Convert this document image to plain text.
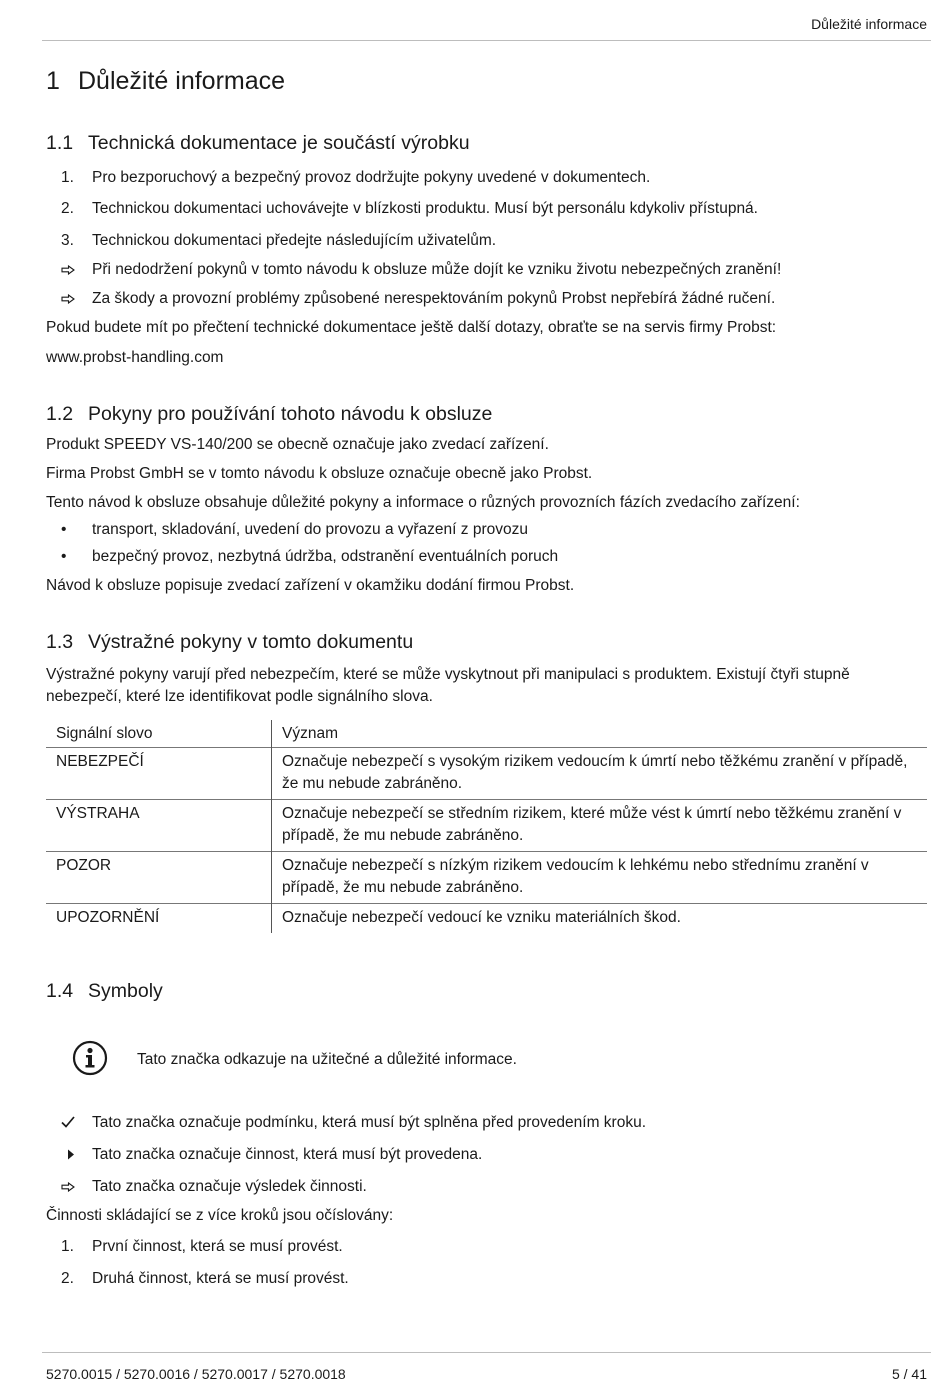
Důležité informace
1 Důležité informace
1.1 Technická dokumentace je součástí výrobku
1. Pro bezporuchový a bezpečný provoz dodržujte pokyny uvedené v dokumentech.
2. Technickou dokumentaci uchovávejte v blízkosti produktu. Musí být personálu kdykoliv přístupná.
3. Technickou dokumentaci předejte následujícím uživatelům.
Při nedodržení pokynů v tomto návodu k obsluze může dojít ke vzniku životu nebezpečných zranění!
Za škody a provozní problémy způsobené nerespektováním pokynů Probst nepřebírá žádné ručení.
Pokud budete mít po přečtení technické dokumentace ještě další dotazy, obraťte se na servis firmy Probst:
www.probst-handling.com
1.2 Pokyny pro používání tohoto návodu k obsluze
Produkt SPEEDY VS-140/200 se obecně označuje jako zvedací zařízení.
Firma Probst GmbH se v tomto návodu k obsluze označuje obecně jako Probst.
Tento návod k obsluze obsahuje důležité pokyny a informace o různých provozních fázích zvedacího zařízení:
• transport, skladování, uvedení do provozu a vyřazení z provozu
• bezpečný provoz, nezbytná údržba, odstranění eventuálních poruch
Návod k obsluze popisuje zvedací zařízení v okamžiku dodání firmou Probst.
1.3 Výstražné pokyny v tomto dokumentu
Výstražné pokyny varují před nebezpečím, které se může vyskytnout při manipulaci s produktem. Existují čtyři stupně nebezpečí, které lze identifikovat podle signálního slova.
Signální slovo	Význam
NEBEZPEČÍ	Označuje nebezpečí s vysokým rizikem vedoucím k úmrtí nebo těžkému zranění v případě, že mu nebude zabráněno.
VÝSTRAHA	Označuje nebezpečí se středním rizikem, které může vést k úmrtí nebo těžkému zranění v případě, že mu nebude zabráněno.
POZOR	Označuje nebezpečí s nízkým rizikem vedoucím k lehkému nebo střednímu zranění v případě, že mu nebude zabráněno.
UPOZORNĚNÍ	Označuje nebezpečí vedoucí ke vzniku materiálních škod.
1.4 Symboly
Tato značka odkazuje na užitečné a důležité informace.
Tato značka označuje podmínku, která musí být splněna před provedením kroku.
Tato značka označuje činnost, která musí být provedena.
Tato značka označuje výsledek činnosti.
Činnosti skládající se z více kroků jsou očíslovány:
1. První činnost, která se musí provést.
2. Druhá činnost, která se musí provést.
5270.0015 / 5270.0016 / 5270.0017 / 5270.0018	5 / 41
